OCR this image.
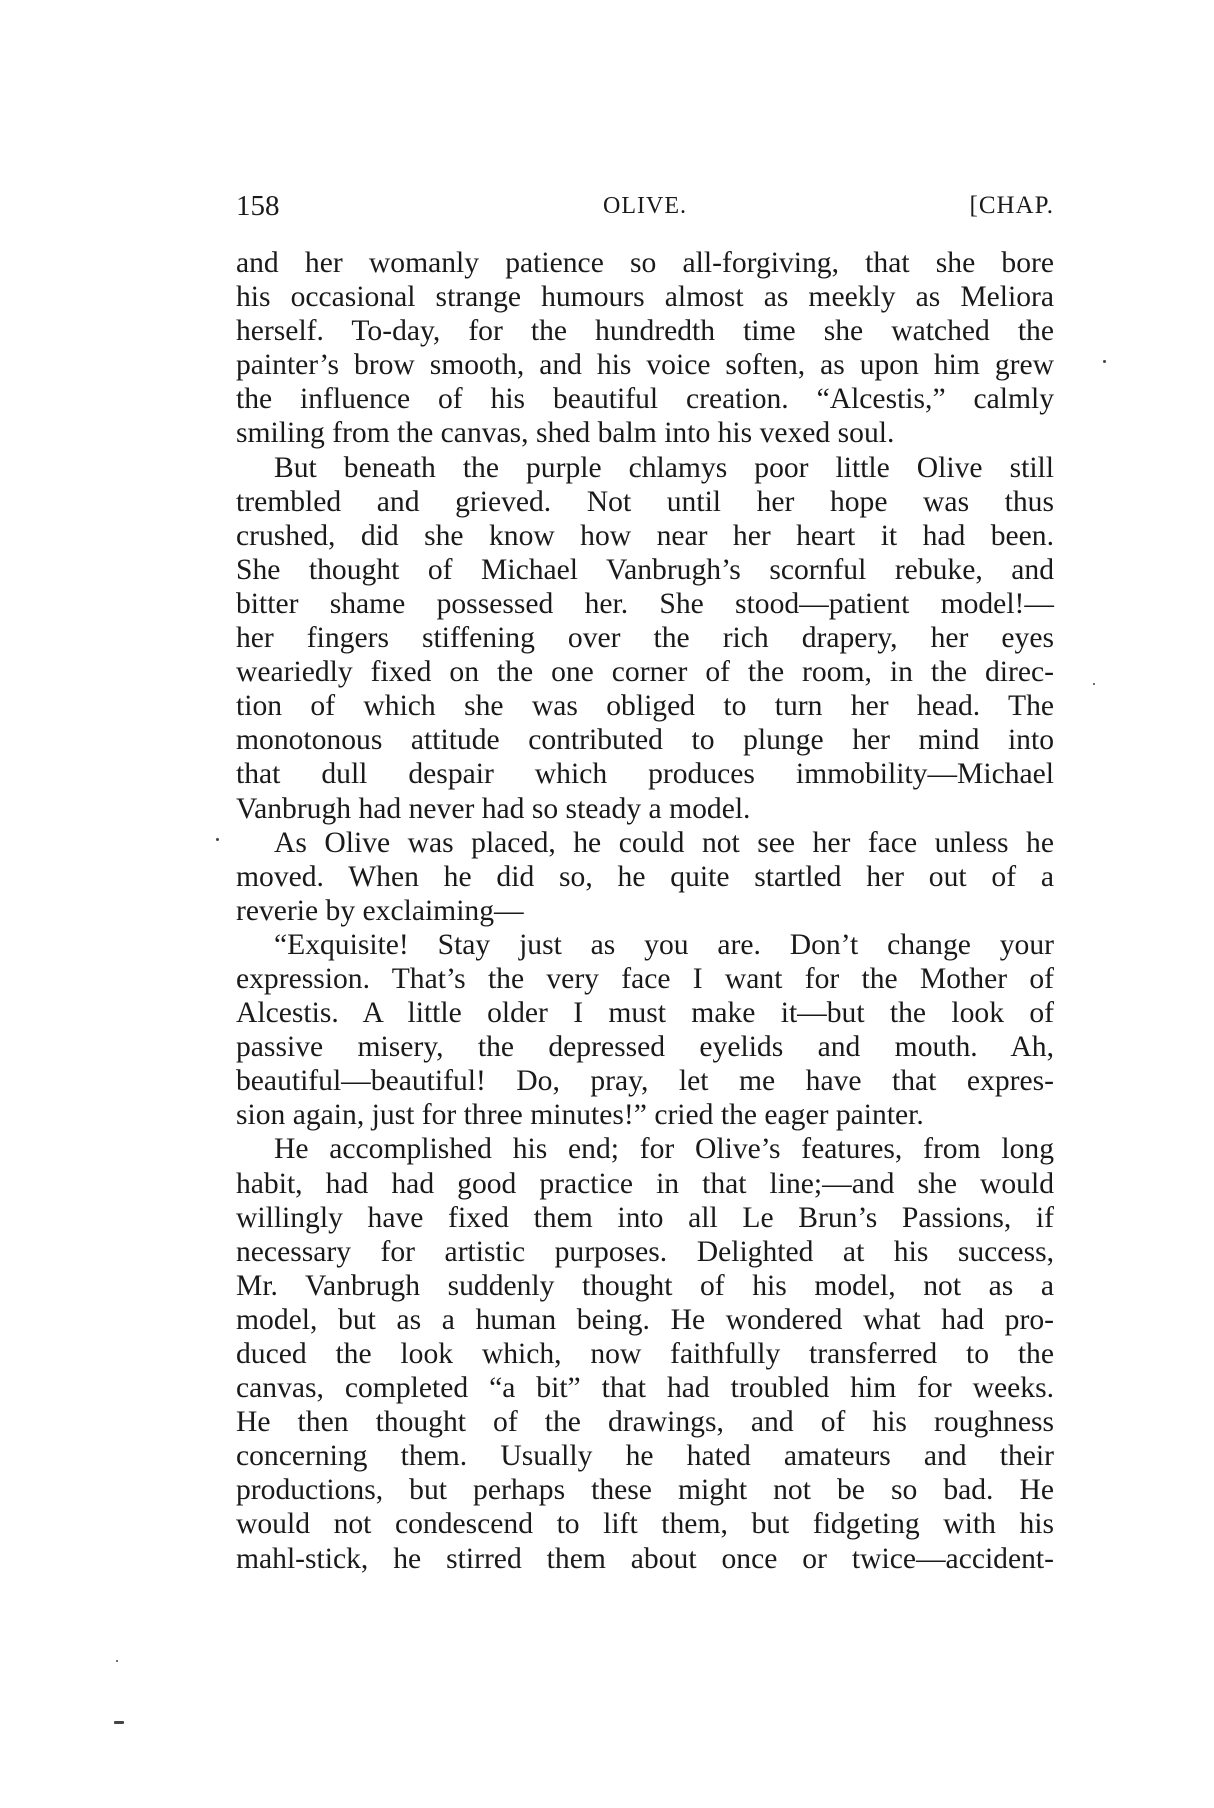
158	OLIVE.	[CHAP.
and her womanly patience so all-forgiving, that she bore
his occasional strange humours almost as meekly as Meliora
herself. To-day, for the hundredth time she watched the
painter’s brow smooth, and his voice soften, as upon him grew
the influence of his beautiful creation. “Alcestis,” calmly
smiling from the canvas, shed balm into his vexed soul.
But beneath the purple chlamys poor little Olive still
trembled and grieved. Not until her hope was thus
crushed, did she know how near her heart it had been.
She thought of Michael Vanbrugh’s scornful rebuke, and
bitter shame possessed her. She stood—patient model!—
her fingers stiffening over the rich drapery, her eyes
weariedly fixed on the one corner of the room, in the direc-
tion of which she was obliged to turn her head. The
monotonous attitude contributed to plunge her mind into
that dull despair which produces immobility—Michael
Vanbrugh had never had so steady a model.
As Olive was placed, he could not see her face unless he
moved. When he did so, he quite startled her out of a
reverie by exclaiming—
“Exquisite! Stay just as you are. Don’t change your
expression. That’s the very face I want for the Mother of
Alcestis. A little older I must make it—but the look of
passive misery, the depressed eyelids and mouth. Ah,
beautiful—beautiful! Do, pray, let me have that expres-
sion again, just for three minutes!” cried the eager painter.
He accomplished his end; for Olive’s features, from long
habit, had had good practice in that line;—and she would
willingly have fixed them into all Le Brun’s Passions, if
necessary for artistic purposes. Delighted at his success,
Mr. Vanbrugh suddenly thought of his model, not as a
model, but as a human being. He wondered what had pro-
duced the look which, now faithfully transferred to the
canvas, completed “a bit” that had troubled him for weeks.
He then thought of the drawings, and of his roughness
concerning them. Usually he hated amateurs and their
productions, but perhaps these might not be so bad. He
would not condescend to lift them, but fidgeting with his
mahl-stick, he stirred them about once or twice—accident-
